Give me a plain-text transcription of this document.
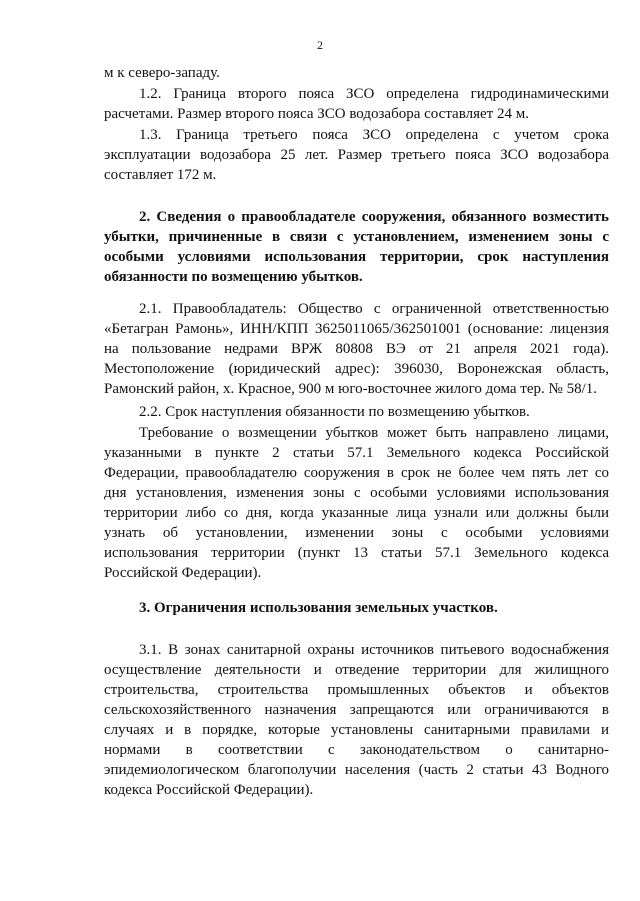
2

м к северо-западу.

1.2. Граница второго пояса ЗСО определена гидродинамическими
расчетами. Размер второго пояса ЗСО водозабора составляет 24 м.

1.3. Граница третьего пояса ЗСО определена с учетом срока
эксплуатации водозабора 25 лет. Размер третьего пояса ЗСО водозабора
составляет 172 м.

2. Сведения о правообладателе сооружения, обязанного возместить
убытки, причиненные в связи с установлением, изменением зоны с
особыми условиями использования территории, срок наступления
обязанности по возмещению убытков.

2.1. Правообладатель: Общество с ограниченной ответственностью
«Бетагран Рамонь», ИНН/КПП 3625011065/362501001 (основание: лицензия
на пользование недрами ВРЖ 80808 ВЭ от 21 апреля 2021 года).
Местоположение (юридический адрес): 396030, Воронежская область,
Рамонский район, х. Красное, 900 м юго-восточнее жилого дома тер. № 58/1.

2.2. Срок наступления обязанности по возмещению убытков.

Требование о возмещении убытков может быть направлено лицами,
указанными в пункте 2 статьи 57.1 Земельного кодекса Российской
Федерации, правообладателю сооружения в срок не более чем пять лет со
дня установления, изменения зоны с особыми условиями использования
территории либо со дня, когда указанные лица узнали или должны были
узнать об установлении, изменении зоны с особыми условиями
использования территории (пункт 13 статьи 57.1 Земельного кодекса
Российской Федерации).

3. Ограничения использования земельных участков.

3.1. В зонах санитарной охраны источников питьевого водоснабжения
осуществление деятельности и отведение территории для жилищного
строительства, строительства промышленных объектов и объектов
сельскохозяйственного назначения запрещаются или ограничиваются в
случаях и в порядке, которые установлены санитарными правилами и
нормами в соответствии с законодательством о санитарно-
эпидемиологическом благополучии населения (часть 2 статьи 43 Водного
кодекса Российской Федерации).
